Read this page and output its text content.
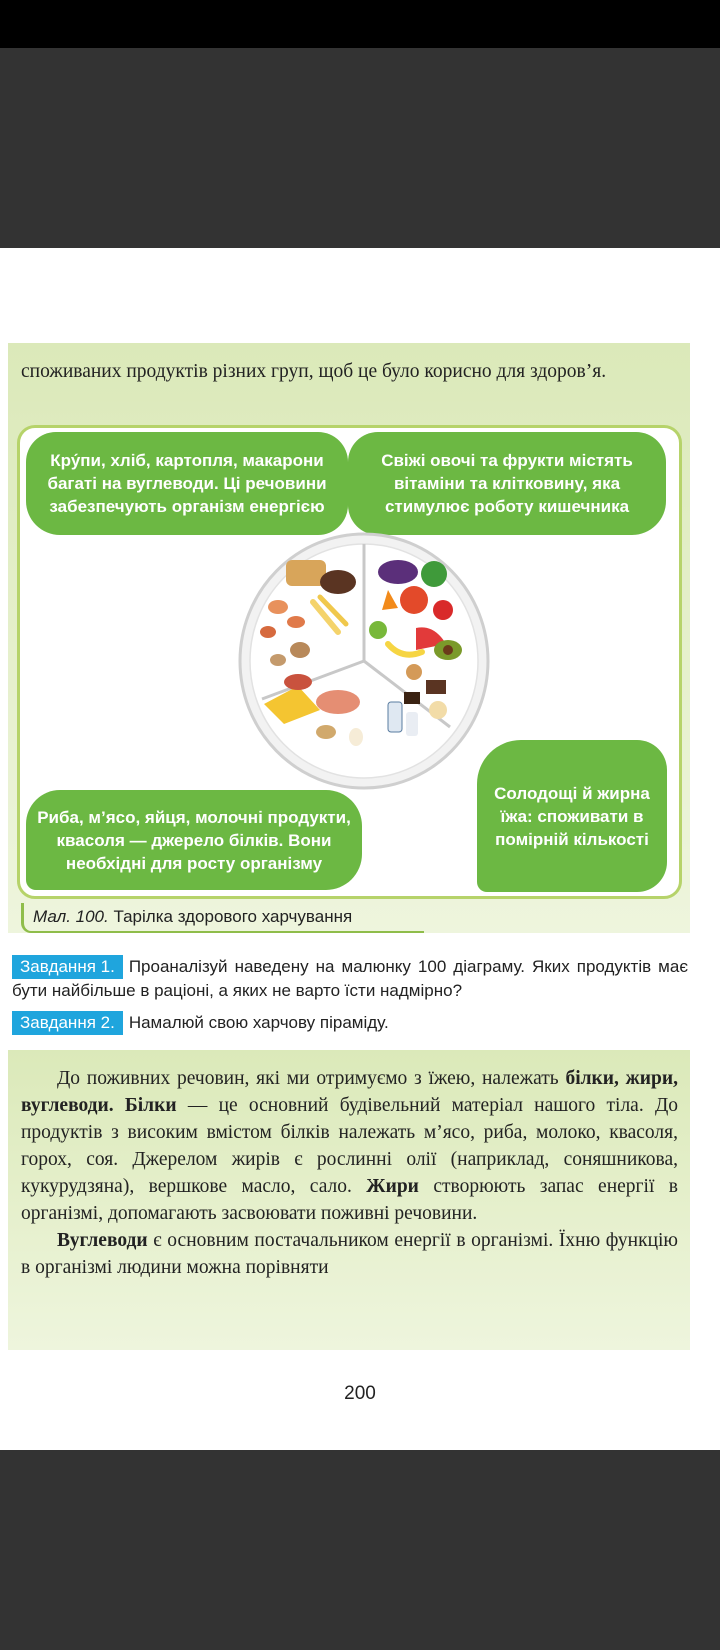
споживаних продуктів різних груп, щоб це було корисно для здоров’я.
Кру́пи, хліб, картопля, макарони багаті на вуглеводи. Ці речовини забезпечують організм енергією
Свіжі овочі та фрукти містять вітаміни та клітковину, яка стимулює роботу кишечника
Риба, м’ясо, яйця, молочні продукти, квасоля — джерело білків. Вони необхідні для росту організму
Солодощі й жирна їжа: споживати в помірній кількості
Мал. 100. Тарілка здорового харчування
Завдання 1. Проаналізуй наведену на малюнку 100 діаграму. Яких продуктів має бути найбільше в раціоні, а яких не варто їсти надмірно?
Завдання 2. Намалюй свою харчову піраміду.

До поживних речовин, які ми отримуємо з їжею, належать білки, жири, вуглеводи. Білки — це основний будівельний матеріал нашого тіла. До продуктів з високим вмістом білків належать м’ясо, риба, молоко, квасоля, горох, соя. Джерелом жирів є рослинні олії (наприклад, соняшникова, кукурудзяна), вершкове масло, сало. Жири створюють запас енергії в організмі, допомагають засвоювати поживні речовини.

Вуглеводи є основним постачальником енергії в організмі. Їхню функцію в організмі людини можна порівняти

200
